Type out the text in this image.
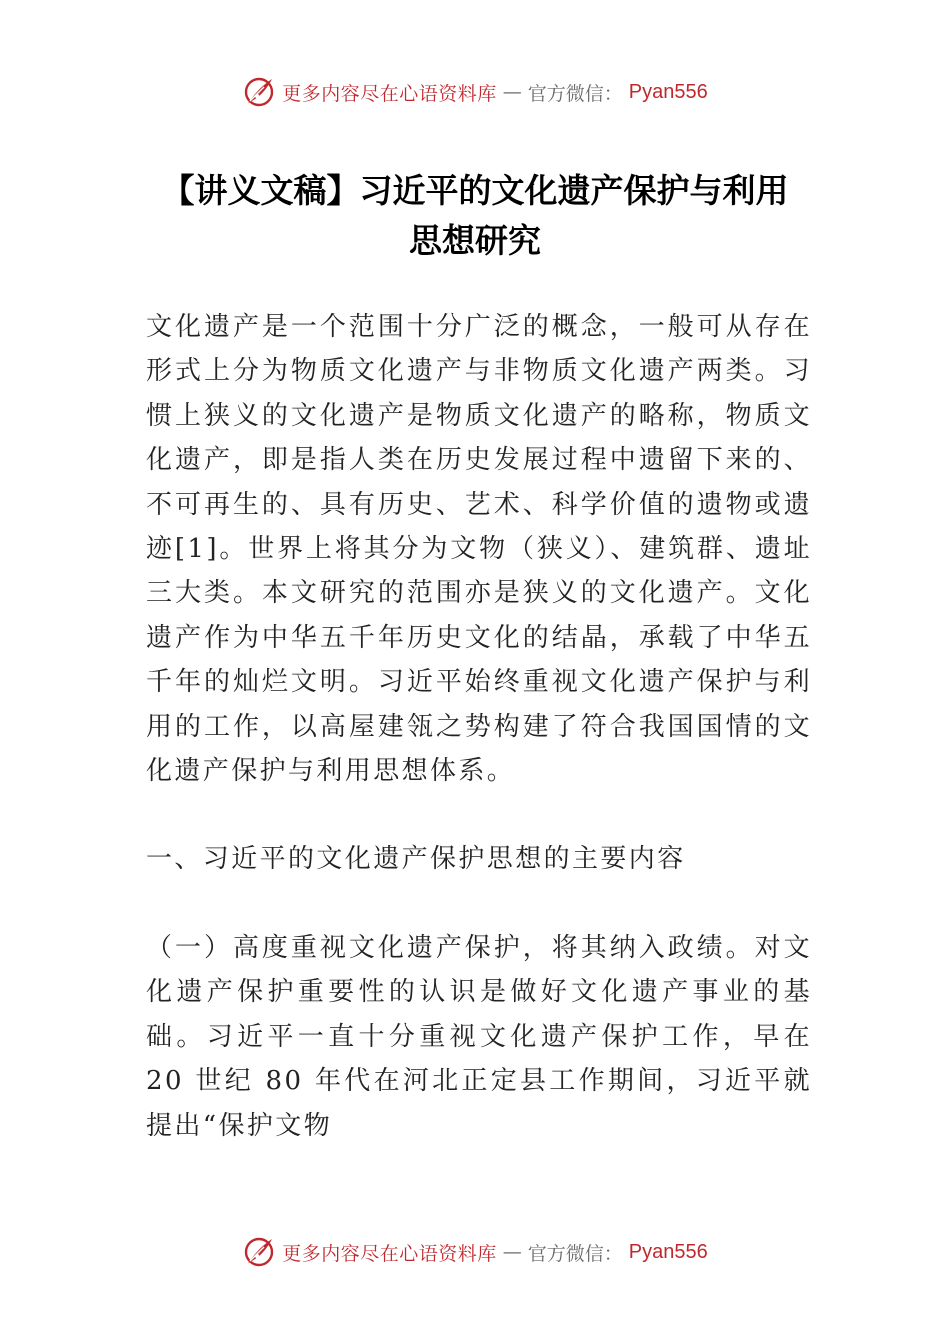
更多内容尽在心语资料库 — 官方微信： Pyan556
【讲义文稿】习近平的文化遗产保护与利用
思想研究

文化遗产是一个范围十分广泛的概念，一般可从存在形式上分为物质文化遗产与非物质文化遗产两类。习惯上狭义的文化遗产是物质文化遗产的略称，物质文化遗产，即是指人类在历史发展过程中遗留下来的、不可再生的、具有历史、艺术、科学价值的遗物或遗迹[1]。世界上将其分为文物（狭义）、建筑群、遗址三大类。本文研究的范围亦是狭义的文化遗产。文化遗产作为中华五千年历史文化的结晶，承载了中华五千年的灿烂文明。习近平始终重视文化遗产保护与利用的工作，以高屋建瓴之势构建了符合我国国情的文化遗产保护与利用思想体系。

一、习近平的文化遗产保护思想的主要内容

（一）高度重视文化遗产保护，将其纳入政绩。对文化遗产保护重要性的认识是做好文化遗产事业的基础。习近平一直十分重视文化遗产保护工作，早在 20 世纪 80 年代在河北正定县工作期间，习近平就提出“保护文物

更多内容尽在心语资料库 — 官方微信： Pyan556
